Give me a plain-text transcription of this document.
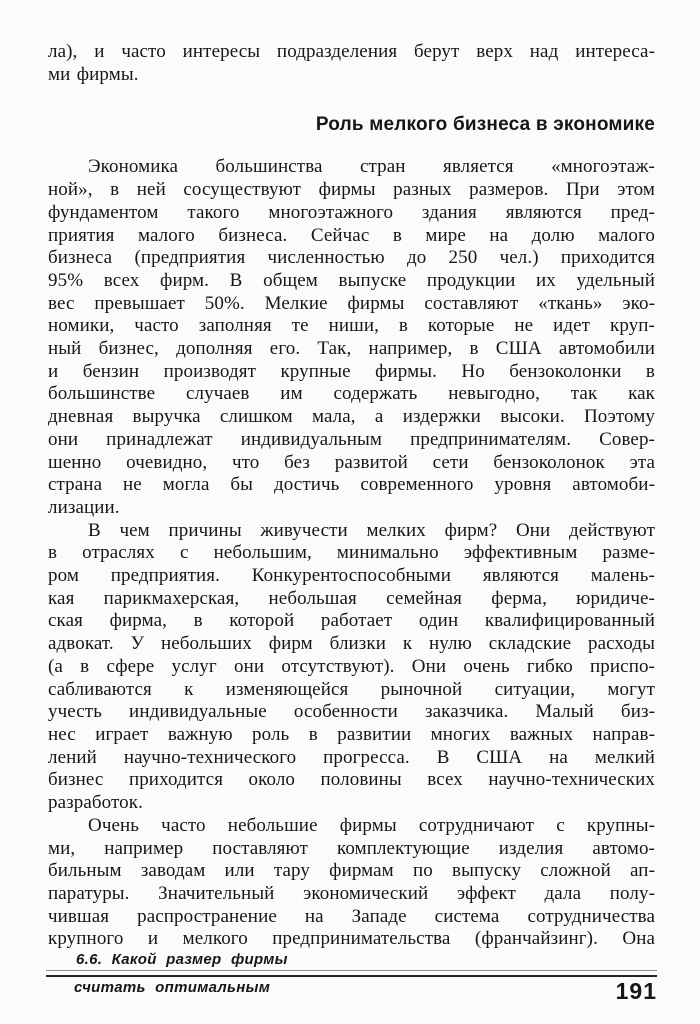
ла), и часто интересы подразделения берут верх над интереса-
ми фирмы.
Роль мелкого бизнеса в экономике
Экономика большинства стран является «многоэтаж-
ной», в ней сосуществуют фирмы разных размеров. При этом
фундаментом такого многоэтажного здания являются пред-
приятия малого бизнеса. Сейчас в мире на долю малого
бизнеса (предприятия численностью до 250 чел.) приходится
95% всех фирм. В общем выпуске продукции их удельный
вес превышает 50%. Мелкие фирмы составляют «ткань» эко-
номики, часто заполняя те ниши, в которые не идет круп-
ный бизнес, дополняя его. Так, например, в США автомобили
и бензин производят крупные фирмы. Но бензоколонки в
большинстве случаев им содержать невыгодно, так как
дневная выручка слишком мала, а издержки высоки. Поэтому
они принадлежат индивидуальным предпринимателям. Совер-
шенно очевидно, что без развитой сети бензоколонок эта
страна не могла бы достичь современного уровня автомоби-
лизации.
В чем причины живучести мелких фирм? Они действуют
в отраслях с небольшим, минимально эффективным разме-
ром предприятия. Конкурентоспособными являются малень-
кая парикмахерская, небольшая семейная ферма, юридиче-
ская фирма, в которой работает один квалифицированный
адвокат. У небольших фирм близки к нулю складские расходы
(а в сфере услуг они отсутствуют). Они очень гибко приспо-
сабливаются к изменяющейся рыночной ситуации, могут
учесть индивидуальные особенности заказчика. Малый биз-
нес играет важную роль в развитии многих важных направ-
лений научно-технического прогресса. В США на мелкий
бизнес приходится около половины всех научно-технических
разработок.
Очень часто небольшие фирмы сотрудничают с крупны-
ми, например поставляют комплектующие изделия автомо-
бильным заводам или тару фирмам по выпуску сложной ап-
паратуры. Значительный экономический эффект дала полу-
чившая распространение на Западе система сотрудничества
крупного и мелкого предпринимательства (франчайзинг). Она
6.6. Какой размер фирмы
считать оптимальным	191
